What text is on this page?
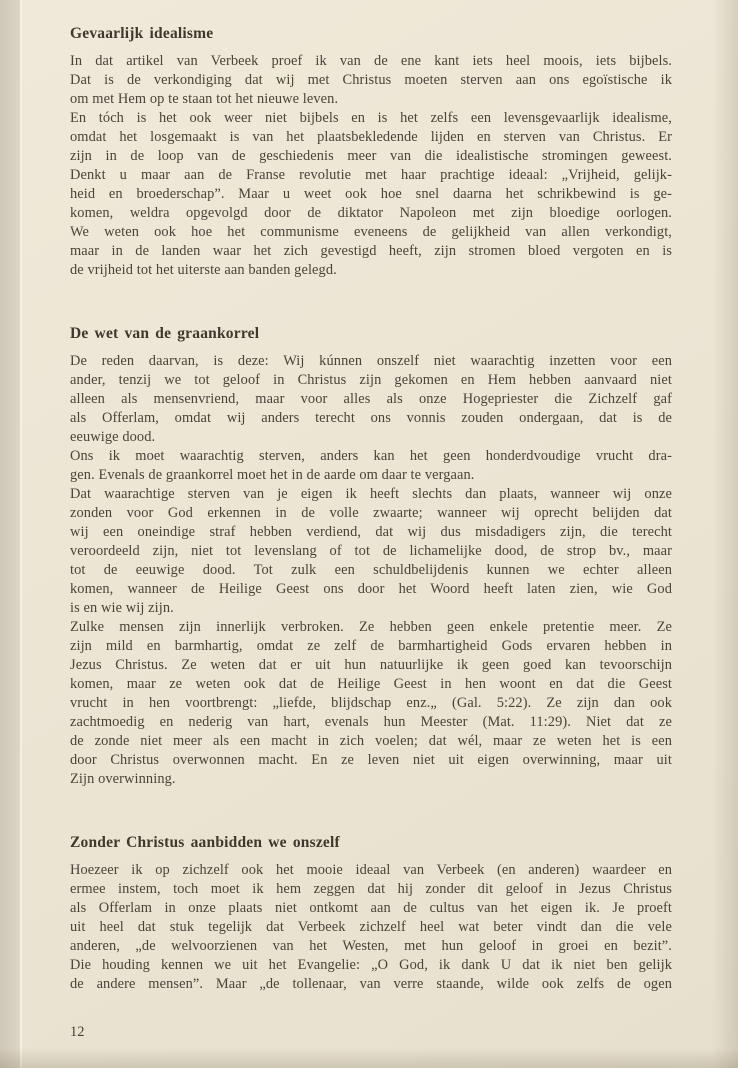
Gevaarlijk idealisme
In dat artikel van Verbeek proef ik van de ene kant iets heel moois, iets bijbels.
Dat is de verkondiging dat wij met Christus moeten sterven aan ons egoïstische ik
om met Hem op te staan tot het nieuwe leven.
En tóch is het ook weer niet bijbels en is het zelfs een levensgevaarlijk idealisme,
omdat het losgemaakt is van het plaatsbekledende lijden en sterven van Christus. Er
zijn in de loop van de geschiedenis meer van die idealistische stromingen geweest.
Denkt u maar aan de Franse revolutie met haar prachtige ideaal: „Vrijheid, gelijk-
heid en broederschap”. Maar u weet ook hoe snel daarna het schrikbewind is ge-
komen, weldra opgevolgd door de diktator Napoleon met zijn bloedige oorlogen.
We weten ook hoe het communisme eveneens de gelijkheid van allen verkondigt,
maar in de landen waar het zich gevestigd heeft, zijn stromen bloed vergoten en is
de vrijheid tot het uiterste aan banden gelegd.
De wet van de graankorrel
De reden daarvan, is deze: Wij kúnnen onszelf niet waarachtig inzetten voor een
ander, tenzij we tot geloof in Christus zijn gekomen en Hem hebben aanvaard niet
alleen als mensenvriend, maar voor alles als onze Hogepriester die Zichzelf gaf
als Offerlam, omdat wij anders terecht ons vonnis zouden ondergaan, dat is de
eeuwige dood.
Ons ik moet waarachtig sterven, anders kan het geen honderdvoudige vrucht dra-
gen. Evenals de graankorrel moet het in de aarde om daar te vergaan.
Dat waarachtige sterven van je eigen ik heeft slechts dan plaats, wanneer wij onze
zonden voor God erkennen in de volle zwaarte; wanneer wij oprecht belijden dat
wij een oneindige straf hebben verdiend, dat wij dus misdadigers zijn, die terecht
veroordeeld zijn, niet tot levenslang of tot de lichamelijke dood, de strop bv., maar
tot de eeuwige dood. Tot zulk een schuldbelijdenis kunnen we echter alleen
komen, wanneer de Heilige Geest ons door het Woord heeft laten zien, wie God
is en wie wij zijn.
Zulke mensen zijn innerlijk verbroken. Ze hebben geen enkele pretentie meer. Ze
zijn mild en barmhartig, omdat ze zelf de barmhartigheid Gods ervaren hebben in
Jezus Christus. Ze weten dat er uit hun natuurlijke ik geen goed kan tevoorschijn
komen, maar ze weten ook dat de Heilige Geest in hen woont en dat die Geest
vrucht in hen voortbrengt: „liefde, blijdschap enz.„ (Gal. 5:22). Ze zijn dan ook
zachtmoedig en nederig van hart, evenals hun Meester (Mat. 11:29). Niet dat ze
de zonde niet meer als een macht in zich voelen; dat wél, maar ze weten het is een
door Christus overwonnen macht. En ze leven niet uit eigen overwinning, maar uit
Zijn overwinning.
Zonder Christus aanbidden we onszelf
Hoezeer ik op zichzelf ook het mooie ideaal van Verbeek (en anderen) waardeer en
ermee instem, toch moet ik hem zeggen dat hij zonder dit geloof in Jezus Christus
als Offerlam in onze plaats niet ontkomt aan de cultus van het eigen ik. Je proeft
uit heel dat stuk tegelijk dat Verbeek zichzelf heel wat beter vindt dan die vele
anderen, „de welvoorzienen van het Westen, met hun geloof in groei en bezit”.
Die houding kennen we uit het Evangelie: „O God, ik dank U dat ik niet ben gelijk
de andere mensen”. Maar „de tollenaar, van verre staande, wilde ook zelfs de ogen
12
